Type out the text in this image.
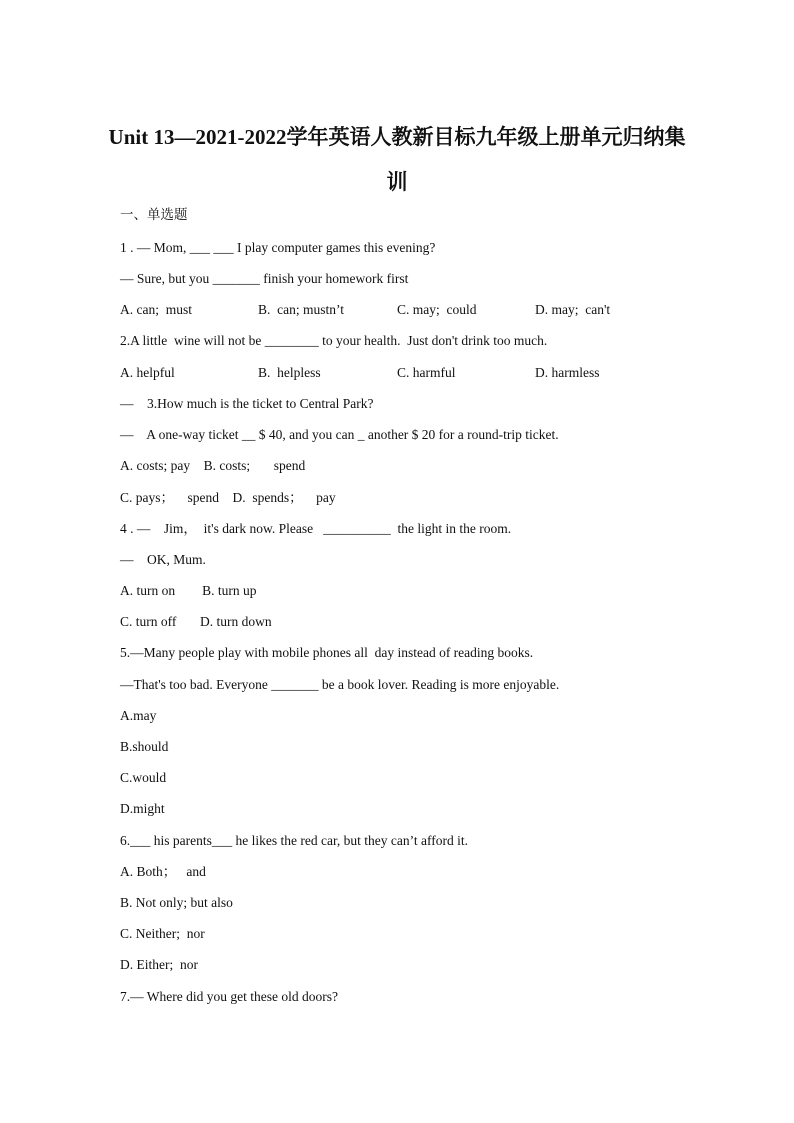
Unit 13—2021-2022学年英语人教新目标九年级上册单元归纳集
训
一、单选题
1 . — Mom, ___ ___ I play computer games this evening?
— Sure, but you _______ finish your homework first
A. can;  must	B.  can; mustn’t	C. may;  could	D. may;  can't
2.A little  wine will not be ________ to your health.  Just don't drink too much.
A. helpful	B.  helpless	C. harmful	D. harmless
—    3.How much is the ticket to Central Park?
—    A one-way ticket __ $ 40, and you can _ another $ 20 for a round-trip ticket.
A. costs; pay    B. costs;       spend
C. pays；    spend    D.  spends；    pay
4 . —    Jim，  it's dark now. Please   __________  the light in the room.
—    OK, Mum.
A. turn on        B. turn up
C. turn off       D. turn down
5.—Many people play with mobile phones all  day instead of reading books.
—That's too bad. Everyone _______ be a book lover. Reading is more enjoyable.
A.may
B.should
C.would
D.might
6.___ his parents___ he likes the red car, but they can’t afford it.
A. Both；   and
B. Not only; but also
C. Neither;  nor
D. Either;  nor
7.— Where did you get these old doors?
